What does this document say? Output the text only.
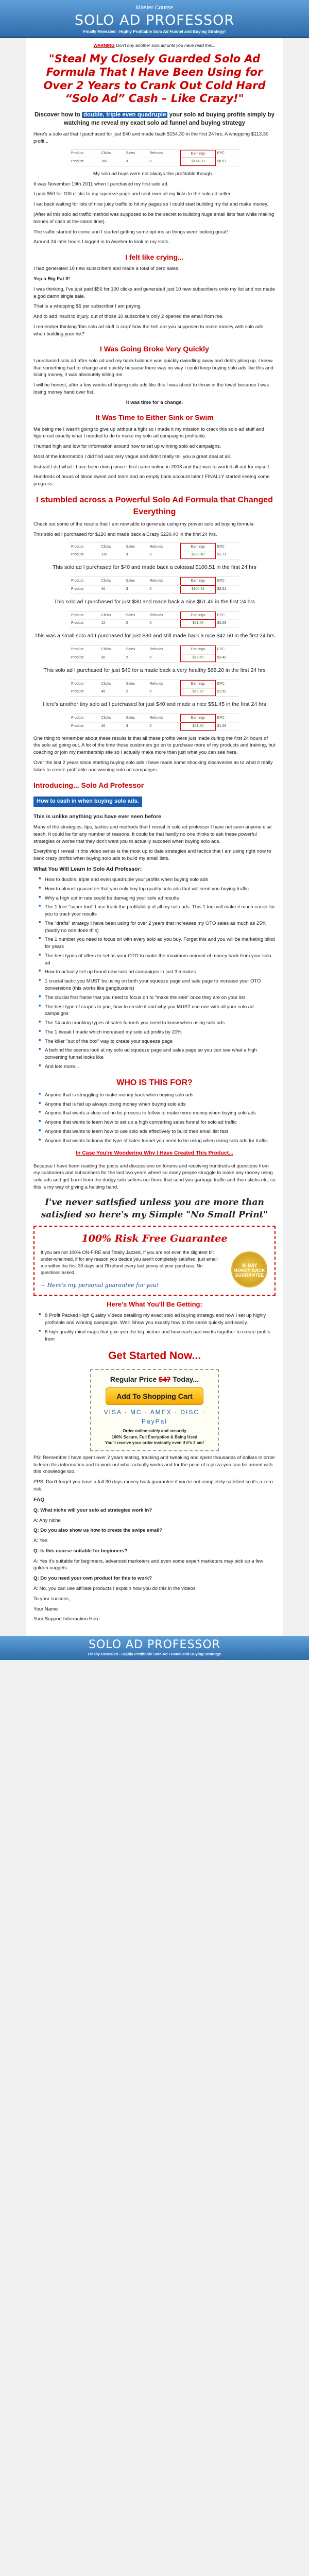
Master Course
SOLO AD PROFESSOR
Finally Revealed - Highly Profitable Solo Ad Funnel and Buying Strategy!
WARNING Don't buy another solo ad until you have read this...
"Steal My Closely Guarded Solo Ad Formula That I Have Been Using for Over 2 Years to Crank Out Cold Hard “Solo Ad” Cash – Like Crazy!"
Discover how to double, triple even quadruple your solo ad buying profits simply by watching me reveal my exact solo ad funnel and buying strategy

Here's a solo ad that I purchased for just $40 and made back $154.30 in the first 24 hrs. A whopping $113.30 profit...

Product	Clicks	Sales	Refunds	Earnings	EPC
Product	160	3	0	$154.30	$0.97

My solo ad buys were not always this profitable though...

It was November 19th 2011 when I purchased my first solo ad.

I paid $50 for 100 clicks to my squeeze page and sent over all my links to the solo ad seller.

I sat back waiting for lots of nice juicy traffic to hit my pages so I could start building my list and make money.

(After all this solo ad traffic method was supposed to be the secret to building huge email lists fast while making tonnes of cash at the same time).

The traffic started to come and I started getting some opt-ins so things were looking great!

Around 24 later hours I logged in to Aweber to look at my stats.

I felt like crying...

I had generated 10 new subscribers and made a total of zero sales.

Yep a Big Fat 0!

I was thinking, I've just paid $50 for 100 clicks and generated just 10 new subscribers onto my list and not made a god damn single sale.

That is a whopping $5 per subscriber I am paying.

And to add insult to injury, out of those 10 subscribers only 2 opened the email from me.

I remember thinking 'this solo ad stuff is crap' how the hell are you supposed to make money with solo ads when building your list?

I Was Going Broke Very Quickly

I purchased solo ad after solo ad and my bank balance was quickly dwindling away and debts piling up. I knew that something had to change and quickly because there was no way I could keep buying solo ads like this and losing money, it was absolutely killing me.

I will be honest, after a few weeks of buying solo ads like this I was about to throw in the towel because I was losing money hand over fist.

It was time for a change.

It Was Time to Either Sink or Swim

Me being me I wasn't going to give up without a fight so I made it my mission to crack this solo ad stuff and figure out exactly what I needed to do to make my solo ad campaigns profitable.

I hunted high and low for information around how to set up winning solo ad campaigns.

Most of the information I did find was very vague and didn't really tell you a great deal at all.

Instead I did what I have been doing since I first came online in 2008 and that was to work it all out for myself.

Hundreds of hours of blood sweat and tears and an empty bank account later I FINALLY started seeing some progress.

I stumbled across a Powerful Solo Ad Formula that Changed Everything

Check out some of the results that I am now able to generate using my proven solo ad buying formula:

This solo ad I purchased for $120 and made back a Crazy $230.40 in the first 24 hrs.

Product	Clicks	Sales	Refunds	Earnings	EPC
Product	135	3	0	$230.40	$1.71
This solo ad I purchased for $40 and made back a colossal $100.51 in the first 24 hrs
Product	Clicks	Sales	Refunds	Earnings	EPC
Product	40	3	0	$100.51	$2.51
This solo ad I purchased for just $30 and made back a nice $51.45 in the first 24 hrs
Product	Clicks	Sales	Refunds	Earnings	EPC
Product	12	2	0	$51.45	$4.29
This was a small solo ad I purchased for just $30 and still made back a nice $42.50 in the first 24 hrs
Product	Clicks	Sales	Refunds	Earnings	EPC
Product	30	2	0	$72.50	$2.42
This solo ad I purchased for just $40 for a made back a very healthy $68.20 in the first 24 hrs
Product	Clicks	Sales	Refunds	Earnings	EPC
Product	45	2	0	$68.20	$1.52
Here's another tiny solo ad I purchased for just $40 and made a nice $51.45 in the first 24 hrs
Product	Clicks	Sales	Refunds	Earnings	EPC
Product	40	3	0	$51.45	$1.29

One thing to remember about these results is that all these profits were just made during the first 24 hours of the solo ad going out. A lot of the time those customers go on to purchase more of my products and training, but coaching or join my membership site so I actually make more than just what you can see here.

Over the last 2 years since starting buying solo ads I have made some shocking discoveries as to what it really takes to create profitable and winning solo ad campaigns.

Introducing... Solo Ad Professor
How to cash in when buying solo ads.
This is unlike anything you have ever seen before

Many of the strategies, tips, tactics and methods that I reveal in solo ad professor I have not seen anyone else teach. It could be for any number of reasons. It could be that hardly no one thinks to ask these powerful strategies or worse that they don't want you to actually succeed when buying solo ads.

Everything I reveal in this video series is the most up to date strategies and tactics that I am using right now to bank crazy profits when buying solo ads to build my email lists.

What You Will Learn In Solo Ad Professor:
■ How to double, triple and even quadruple your profits when buying solo ads
■ How to almost guarantee that you only buy top quality solo ads that will send you buying traffic
■ Why a high opt in rate could be damaging your solo ad results
■ The 1 free "super tool" I use track the profitability of all my solo ads. This 1 tool will make it much easier for you to track your results
■ The "drafts" strategy I have been using for over 2 years that increases my OTO sales as much as 25% (hardly no one does this)
■ The 1 number you need to focus on with every solo ad you buy. Forget this and you will be marketing blind for years
■ The best types of offers to set as your OTO to make the maximum amount of money back from your solo ad
■ How to actually set up brand new solo ad campaigns in just 3 minutes
■ 1 crucial tactic you MUST be using on both your squeeze page and sale page to increase your OTO conversions (this works like gangbusters)
■ The crucial first frame that you need to focus on to "make the sale" once they are on your list
■ The best type of crapes to you, how to create it and why you MUST use one with all your solo ad campaigns
■ The 14 auto cranking types of sales funnels you need to know when using solo ads
■ The 1 tweak I made which increased my solo ad profits by 20%
■ The killer "out of the box" way to create your squeeze page
■ A behind the scenes look at my solo ad squeeze page and sales page so you can see what a high converting funnel looks like
■ And lots more...
WHO IS THIS FOR?
■ Anyone that is struggling to make money back when buying solo ads
■ Anyone that is fed up always losing money when buying solo ads
■ Anyone that wants a clear cut no bs process to follow to make more money when buying solo ads
■ Anyone that wants to learn how to set up a high converting sales funnel for solo ad traffic
■ Anyone that wants to learn how to use solo ads effectively to build their email list fast
■ Anyone that wants to know the type of sales funnel you need to be using when using solo ads for traffic
In Case You're Wondering Why I Have Created This Product...

Because I have been reading the posts and discussions on forums and receiving hundreds of questions from my customers and subscribers for the last two years where so many people struggle to make any money using solo ads and get burnt from the dodgy solo sellers out there that send you garbage traffic and then sticks etc, so this is my way of giving a helping hand.

I've never satisfied unless you are more than satisfied so here's my Simple "No Small Print"
100% Risk Free Guarantee
If you are not 100% ON-FIRE and Totally Jazzed, If you are not even the slightest bit under-whelmed, if for any reason you decide you aren't completely satisfied, just email me within the first 30 days and I'll refund every last penny of your purchase. No questions asked.
~ Here's my personal guarantee for you!
30 DAY MONEY BACK GUARANTEE
Here's What You'll Be Getting:
■ 8 Profit Packed High Quality Videos detailing my exact solo ad buying strategy and how I set up highly profitable and winning campaigns. We'll Show you exactly how to the same quickly and easily.
■ 6 high quality mind maps that give you the big picture and how each part works together to create profits from
Get Started Now...
Regular Price $47 Today...
Add To Shopping Cart
VISA · MC · AMEX · DISC · PayPal
Order online safely and securely
100% Secure, Full Encryption & Being Used
You'll receive your order instantly even if it's 2 am!

PS: Remember I have spent over 2 years testing, tracking and tweaking and spent thousands of dollars in order to learn this information and to work out what actually works and for the price of a pizza you can be armed with this knowledge too.

PPS: Don't forget you have a full 30 days money back guarantee if you're not completely satisfied so it's a zero risk.

FAQ

Q: What niche will your solo ad strategies work in?

A: Any niche

Q: Do you also show us how to create the swipe email?

A: Yes

Q: Is this course suitable for beginners?

A: Yes it's suitable for beginners, advanced marketers and even some expert marketers may pick up a few golden nuggets

Q: Do you need your own product for this to work?

A: No, you can use affiliate products I explain how you do this in the videos

To your success,

Your Name

Your Support Information Here

SOLO AD PROFESSOR
Finally Revealed - Highly Profitable Solo Ad Funnel and Buying Strategy!
